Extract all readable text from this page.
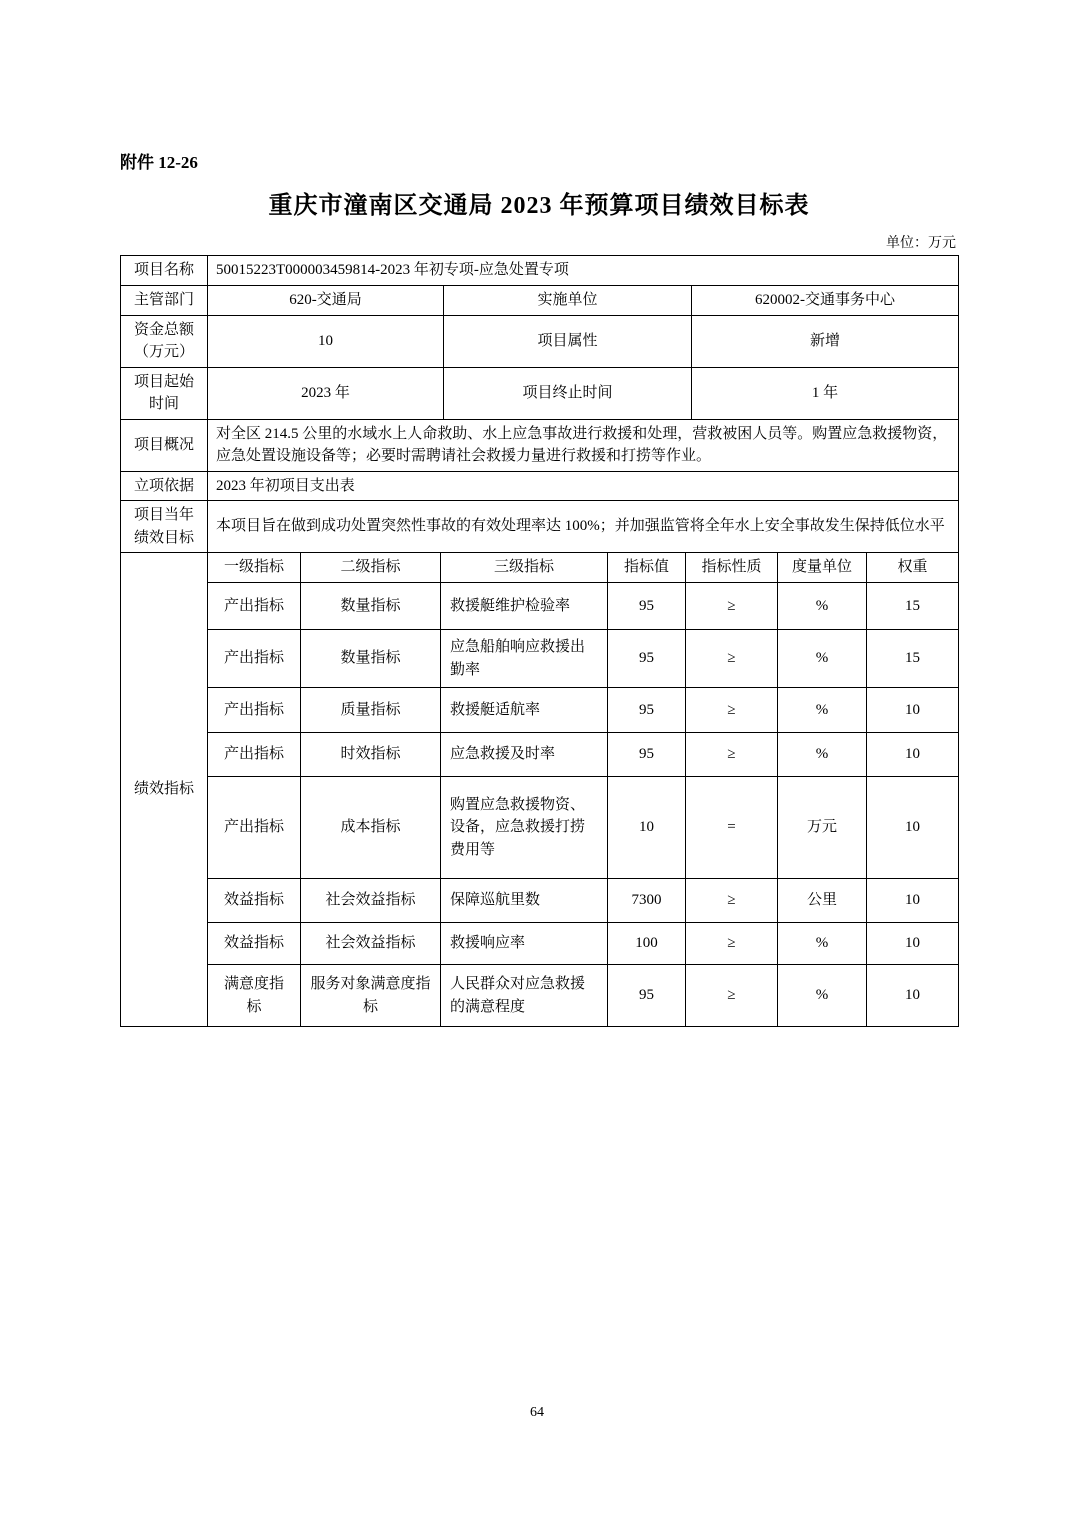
附件 12-26
重庆市潼南区交通局 2023 年预算项目绩效目标表
单位：万元
项目名称	50015223T000003459814-2023 年初专项-应急处置专项		
主管部门	620-交通局	实施单位	620002-交通事务中心
资金总额（万元）	10	项目属性	新增
项目起始时间	2023 年	项目终止时间	1 年
项目概况	对全区 214.5 公里的水域水上人命救助、水上应急事故进行救援和处理，营救被困人员等。购置应急救援物资，应急处置设施设备等；必要时需聘请社会救援力量进行救援和打捞等作业。		
立项依据	2023 年初项目支出表		
项目当年绩效目标	本项目旨在做到成功处置突然性事故的有效处理率达 100%；并加强监管将全年水上安全事故发生保持低位水平		
绩效指标	一级指标	二级指标	三级指标	指标值	指标性质	度量单位	权重
	产出指标	数量指标	救援艇维护检验率	95	≥	%	15
	产出指标	数量指标	应急船舶响应救援出勤率	95	≥	%	15
	产出指标	质量指标	救援艇适航率	95	≥	%	10
	产出指标	时效指标	应急救援及时率	95	≥	%	10
	产出指标	成本指标	购置应急救援物资、设备，应急救援打捞费用等	10	=	万元	10
	效益指标	社会效益指标	保障巡航里数	7300	≥	公里	10
	效益指标	社会效益指标	救援响应率	100	≥	%	10
	满意度指标	服务对象满意度指标	人民群众对应急救援的满意程度	95	≥	%	10
64
